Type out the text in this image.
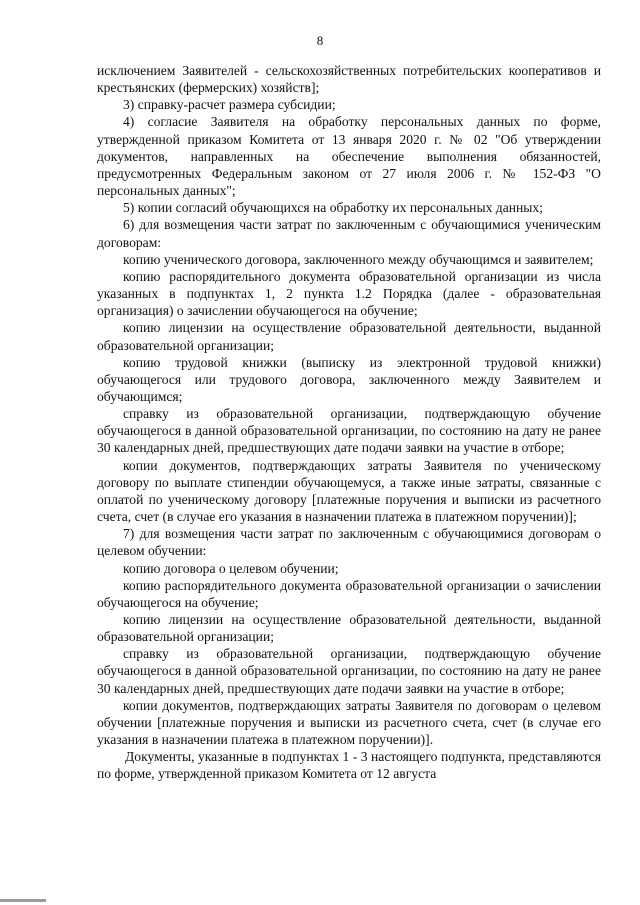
8

исключением Заявителей - сельскохозяйственных потребительских кооперативов и крестьянских (фермерских) хозяйств];

3) справку-расчет размера субсидии;

4) согласие Заявителя на обработку персональных данных по форме, утвержденной приказом Комитета от 13 января 2020 г. № 02 "Об утверждении документов, направленных на обеспечение выполнения обязанностей, предусмотренных Федеральным законом от 27 июля 2006 г. № 152-ФЗ "О персональных данных";

5) копии согласий обучающихся на обработку их персональных данных;

6) для возмещения части затрат по заключенным с обучающимися ученическим договорам:

копию ученического договора, заключенного между обучающимся и заявителем;

копию распорядительного документа образовательной организации из числа указанных в подпунктах 1, 2 пункта 1.2 Порядка (далее - образовательная организация) о зачислении обучающегося на обучение;

копию лицензии на осуществление образовательной деятельности, выданной образовательной организации;

копию трудовой книжки (выписку из электронной трудовой книжки) обучающегося или трудового договора, заключенного между Заявителем и обучающимся;

справку из образовательной организации, подтверждающую обучение обучающегося в данной образовательной организации, по состоянию на дату не ранее 30 календарных дней, предшествующих дате подачи заявки на участие в отборе;

копии документов, подтверждающих затраты Заявителя по ученическому договору по выплате стипендии обучающемуся, а также иные затраты, связанные с оплатой по ученическому договору [платежные поручения и выписки из расчетного счета, счет (в случае его указания в назначении платежа в платежном поручении)];

7) для возмещения части затрат по заключенным с обучающимися договорам о целевом обучении:

копию договора о целевом обучении;

копию распорядительного документа образовательной организации о зачислении обучающегося на обучение;

копию лицензии на осуществление образовательной деятельности, выданной образовательной организации;

справку из образовательной организации, подтверждающую обучение обучающегося в данной образовательной организации, по состоянию на дату не ранее 30 календарных дней, предшествующих дате подачи заявки на участие в отборе;

копии документов, подтверждающих затраты Заявителя по договорам о целевом обучении [платежные поручения и выписки из расчетного счета, счет (в случае его указания в назначении платежа в платежном поручении)].

Документы, указанные в подпунктах 1 - 3 настоящего подпункта, представляются по форме, утвержденной приказом Комитета от 12 августа
